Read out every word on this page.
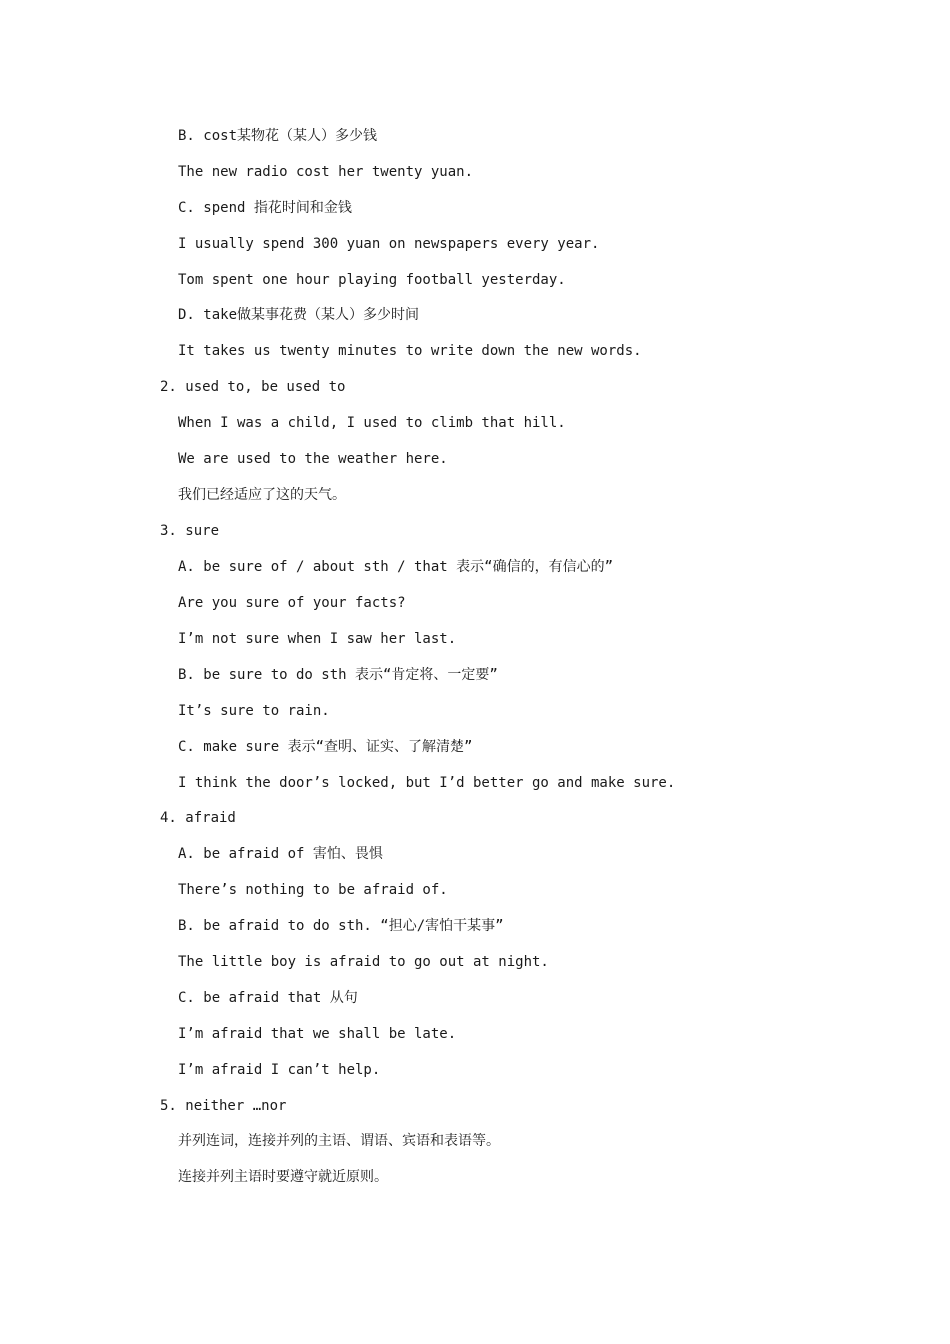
B. cost某物花（某人）多少钱
The new radio cost her twenty yuan.
C. spend 指花时间和金钱
I usually spend 300 yuan on newspapers every year.
Tom spent one hour playing football yesterday.
D. take做某事花费（某人）多少时间
It takes us twenty minutes to write down the new words.
2. used to, be used to
When I was a child, I used to climb that hill.
We are used to the weather here.
我们已经适应了这的天气。
3. sure
A. be sure of / about sth / that 表示“确信的，有信心的”
Are you sure of your facts?
I’m not sure when I saw her last.
B. be sure to do sth 表示“肯定将、一定要”
It’s sure to rain.
C. make sure 表示“查明、证实、了解清楚”
I think the door’s locked, but I’d better go and make sure.
4. afraid
A. be afraid of 害怕、畏惧
There’s nothing to be afraid of.
B. be afraid to do sth. “担心/害怕干某事”
The little boy is afraid to go out at night.
C. be afraid that 从句
I’m afraid that we shall be late.
I’m afraid I can’t help.
5. neither …nor
并列连词，连接并列的主语、谓语、宾语和表语等。
连接并列主语时要遵守就近原则。
